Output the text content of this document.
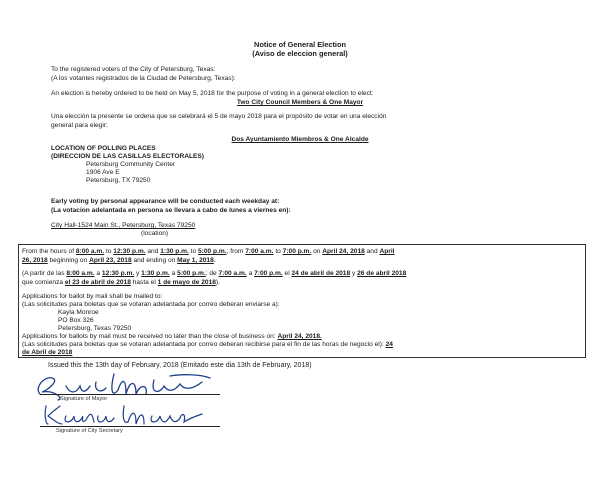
Notice of General Election
(Aviso de eleccion general)
To the registered voters of the City of Petersburg, Texas:
(A los votantes registrados de la Ciudad de Petersburg, Texas):
An election is hereby ordered to be held on May 5, 2018 for the purpose of voting in a general election to elect:
Two City Council Members & One Mayor
Una elección la presente se ordena que se celebrará el 5 de mayo 2018 para el propósito de votar en una elección
general para elegir:
Dos Ayuntamiento Miembros & One Alcalde
LOCATION OF POLLING PLACES
(DIRECCION DE LAS CASILLAS ELECTORALES)
Petersburg Community Center
1906 Ave E
Petersburg, TX 79250
Early voting by personal appearance will be conducted each weekday at:
(La votacion adelantada en persona se llevara a cabo de lunes a viernes en):
City Hall-1524 Main St., Petersburg, Texas 79250
(location)
From the hours of 8:00 a.m. to 12:30 p.m. and 1:30 p.m. to 5:00 p.m.; from 7:00 a.m. to 7:00 p.m. on April 24, 2018 and April
26, 2018 beginning on April 23, 2018 and ending on May 1, 2018.
(A partir de las 8:00 a.m. a 12:30 p.m. y 1:30 p.m. a 5:00 p.m.; de 7:00 a.m. a 7:00 p.m. el 24 de abril de 2018 y 26 de abril 2018
que comienza el 23 de abril de 2018 hasta el 1 de mayo de 2018).
Applications for ballot by mail shall be mailed to:
(Las solicitudes para boletas que se votaran adelantada por correo deberan enviarse a):
Kayla Monroe
PO Box 326
Petersburg, Texas 79250
Applications for ballots by mail must be received no later than the close of business on: April 24, 2018.
(Las solicitudes para boletas que se votaran adelantada por correo deberan recibirse para el fin de las horas de negocio el): 24
de Abril de 2018
Issued this the 13th day of February, 2018 (Emitado este dia 13th de February, 2018)
Signature of Mayor
Signature of City Secretary
